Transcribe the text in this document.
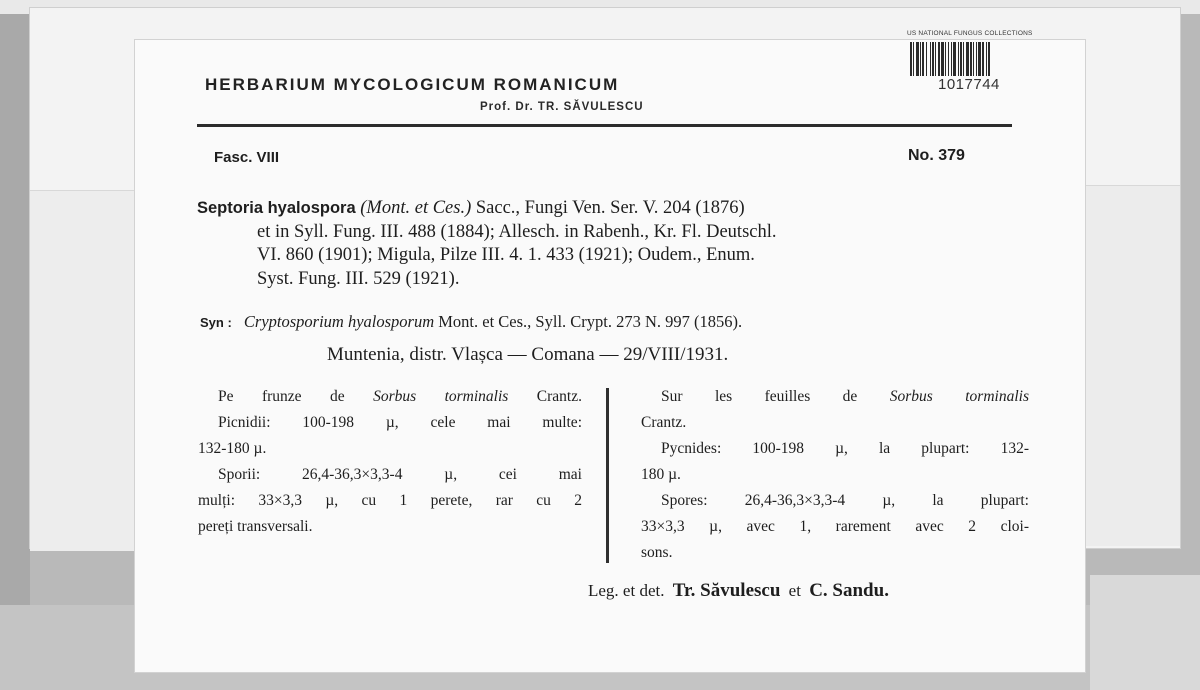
US NATIONAL FUNGUS COLLECTIONS
1017744
Prof. Dr. TR. SĂVULESCU
Fasc. VIII	No. 379
Septoria hyalospora (Mont. et Ces.) Sacc., Fungi Ven. Ser. V. 204 (1876)
et in Syll. Fung. III. 488 (1884); Allesch. in Rabenh., Kr. Fl. Deutschl.
VI. 860 (1901); Migula, Pilze III. 4. 1. 433 (1921); Oudem., Enum.
Syst. Fung. III. 529 (1921).
Syn : Cryptosporium hyalosporum Mont. et Ces., Syll. Crypt. 273 N. 997 (1856).
Muntenia, distr. Vlașca — Comana — 29/VIII/1931.
Pe frunze de Sorbus torminalis Crantz.
Picnidii: 100-198 µ, cele mai multe:
132-180 µ.
Sporii: 26,4-36,3×3,3-4 µ, cei mai
mulți: 33×3,3 µ, cu 1 perete, rar cu 2
pereți transversali.
Sur les feuilles de Sorbus torminalis
Crantz.
Pycnides: 100-198 µ, la plupart: 132-
180 µ.
Spores: 26,4-36,3×3,3-4 µ, la plupart:
33×3,3 µ, avec 1, rarement avec 2 cloi-
sons.
Leg. et det. Tr. Săvulescu et C. Sandu.
